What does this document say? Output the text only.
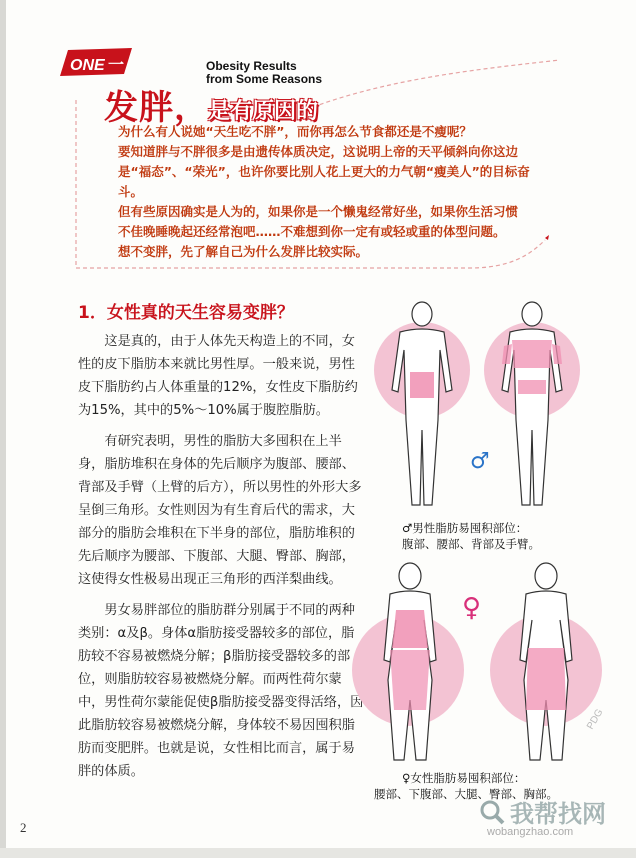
ONE 一	Obesity Results
from Some Reasons
发胖， 是有原因的

为什么有人说她“天生吃不胖”，而你再怎么节食都还是不瘦呢？

要知道胖与不胖很多是由遗传体质决定，这说明上帝的天平倾斜向你这边是“福态”、“荣光”，也许你要比别人花上更大的力气朝“瘦美人”的目标奋斗。

但有些原因确实是人为的，如果你是一个懒鬼经常好坐，如果你生活习惯不佳晚睡晚起还经常泡吧……不难想到你一定有或轻或重的体型问题。

想不变胖，先了解自己为什么发胖比较实际。

1．女性真的天生容易变胖？

这是真的，由于人体先天构造上的不同，女性的皮下脂肪本来就比男性厚。一般来说，男性皮下脂肪约占人体重量的12%，女性皮下脂肪约为15%，其中的5%～10%属于腹腔脂肪。

有研究表明，男性的脂肪大多囤积在上半身，脂肪堆积在身体的先后顺序为腹部、腰部、背部及手臂（上臂的后方），所以男性的外形大多呈倒三角形。女性则因为有生育后代的需求，大部分的脂肪会堆积在下半身的部位，脂肪堆积的先后顺序为腰部、下腹部、大腿、臀部、胸部，这使得女性极易出现正三角形的西洋梨曲线。

男女易胖部位的脂肪群分别属于不同的两种类别：α及β。身体α脂肪接受器较多的部位，脂肪较不容易被燃烧分解；β脂肪接受器较多的部位，则脂肪较容易被燃烧分解。而两性荷尔蒙中，男性荷尔蒙能促使β脂肪接受器变得活络，因此脂肪较容易被燃烧分解，身体较不易因囤积脂肪而变肥胖。也就是说，女性相比而言，属于易胖的体质。

♂
♂男性脂肪易囤积部位：
腹部、腰部、背部及手臂。
♀
PDG
♀女性脂肪易囤积部位：
腰部、下腹部、大腿、臀部、胸部。
2	我帮找网
wobangzhao.com
